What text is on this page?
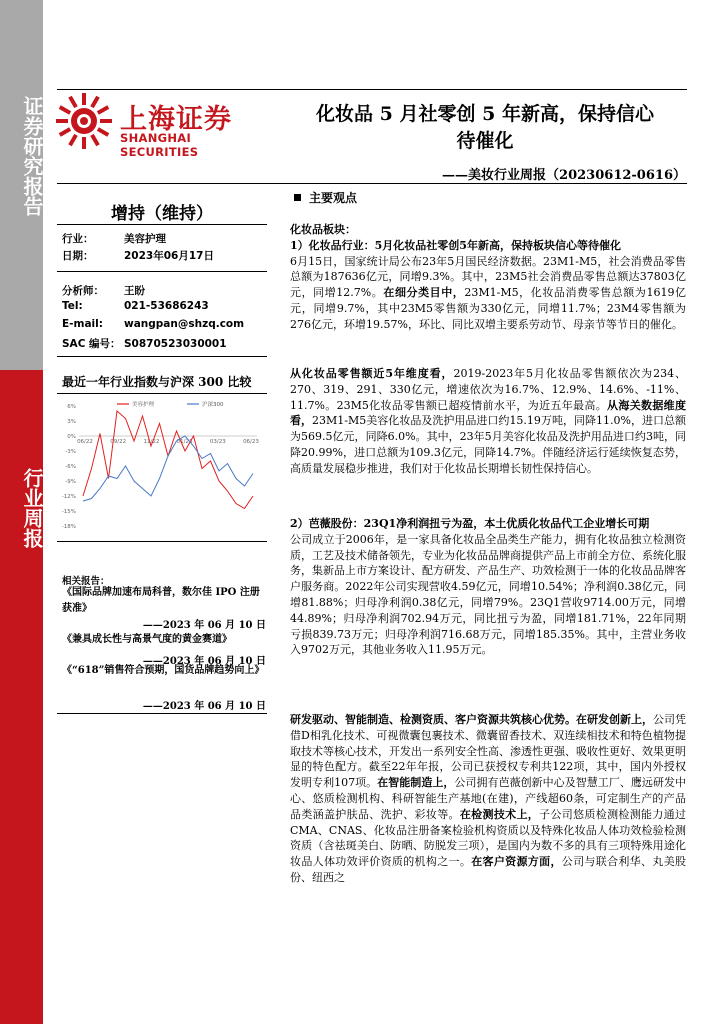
证券研究报告
行业周报
上海证券
SHANGHAI SECURITIES
化妆品 5 月社零创 5 年新高，保持信心
待催化
——美妆行业周报（20230612-0616）
增持（维持）
行业：	美容护理
日期：	2023年06月17日
分析师： 王盼
Tel:	021-53686243
E-mail: wangpan@shzq.com
SAC 编号： S0870523030001
最近一年行业指数与沪深 300 比较
6%
3%
0%
-3%
-6%
-9%
-12%
-15%
-18%
06/22	09/22	11/22	01/23	03/23	06/23
美容护理	沪深300
相关报告：
《国际品牌加速布局科普，数尔佳 IPO 注册获准》
——2023 年 06 月 10 日
《兼具成长性与高景气度的黄金赛道》
——2023 年 06 月 10 日
《“618”销售符合预期，国货品牌趋势向上》
——2023 年 06 月 10 日
主要观点
化妆品板块：
1）化妆品行业：5月化妆品社零创5年新高，保持板块信心等待催化
6月15日，国家统计局公布23年5月国民经济数据。23M1-M5，社会消费品零售总额为187636亿元，同增9.3%。其中，23M5社会消费品零售总额达37803亿元，同增12.7%。在细分类目中，23M1-M5，化妆品消费零售总额为1619亿元，同增9.7%，其中23M5零售额为330亿元，同增11.7%；23M4零售额为276亿元，环增19.57%，环比、同比双增主要系劳动节、母亲节等节日的催化。
从化妆品零售额近5年维度看，2019-2023年5月化妆品零售额依次为234、270、319、291、330亿元，增速依次为16.7%、12.9%、14.6%、-11%、11.7%。23M5化妆品零售额已超疫情前水平，为近五年最高。从海关数据维度看，23M1-M5美容化妆品及洗护用品进口约15.19万吨，同降11.0%，进口总额为569.5亿元，同降6.0%。其中，23年5月美容化妆品及洗护用品进口约3吨，同降20.99%，进口总额为109.3亿元，同降14.7%。伴随经济运行延续恢复态势，高质量发展稳步推进，我们对于化妆品长期增长韧性保持信心。
2）芭薇股份：23Q1净利润扭亏为盈，本土优质化妆品代工企业增长可期
公司成立于2006年，是一家具备化妆品全品类生产能力，拥有化妆品独立检测资质，工艺及技术储备领先，专业为化妆品品牌商提供产品上市前全方位、系统化服务，集新品上市方案设计、配方研发、产品生产、功效检测于一体的化妆品品牌客户服务商。2022年公司实现营收4.59亿元，同增10.54%；净利润0.38亿元，同增81.88%；归母净利润0.38亿元，同增79%。23Q1营收9714.00万元，同增44.89%；归母净利润702.94万元，同比扭亏为盈，同增181.71%，22年同期亏损839.73万元；归母净利润716.68万元，同增185.35%。其中，主营业务收入9702万元，其他业务收入11.95万元。
研发驱动、智能制造、检测资质、客户资源共筑核心优势。在研发创新上，公司凭借D相乳化技术、可视微囊包裹技术、微囊留香技术、双连续相技术和特色植物提取技术等核心技术，开发出一系列安全性高、渗透性更强、吸收性更好、效果更明显的特色配方。截至22年年报，公司已获授权专利共122项，其中，国内外授权发明专利107项。在智能制造上，公司拥有芭薇创新中心及智慧工厂、鹰远研发中心、悠质检测机构、科研智能生产基地(在建)，产线超60条，可定制生产的产品品类涵盖护肤品、洗护、彩妆等。在检测技术上，子公司悠质检测检测能力通过CMA、CNAS、化妆品注册备案检验机构资质以及特殊化妆品人体功效检验检测资质（含祛斑美白、防晒、防脱发三项），是国内为数不多的具有三项特殊用途化妆品人体功效评价资质的机构之一。在客户资源方面，公司与联合利华、丸美股份、纽西之
